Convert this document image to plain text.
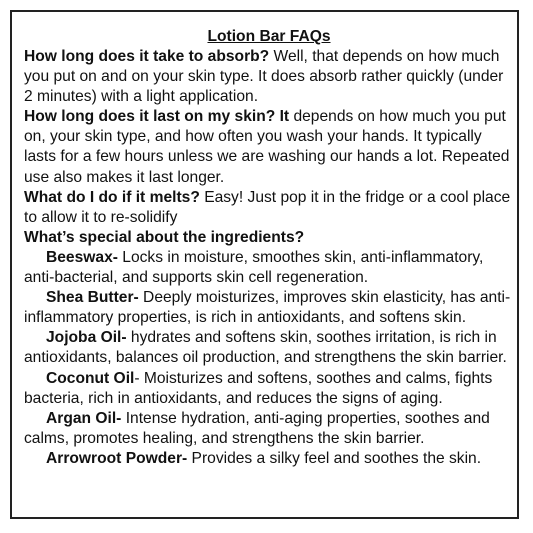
Lotion Bar FAQs

How long does it take to absorb? Well, that depends on how much you put on and on your skin type. It does absorb rather quickly (under 2 minutes) with a light application.

How long does it last on my skin? It depends on how much you put on, your skin type, and how often you wash your hands. It typically lasts for a few hours unless we are washing our hands a lot. Repeated use also makes it last longer.

What do I do if it melts? Easy! Just pop it in the fridge or a cool place to allow it to re-solidify

What’s special about the ingredients?

Beeswax- Locks in moisture, smoothes skin, anti-inflammatory, anti-bacterial, and supports skin cell regeneration.

Shea Butter- Deeply moisturizes, improves skin elasticity, has anti-inflammatory properties, is rich in antioxidants, and softens skin.

Jojoba Oil- hydrates and softens skin, soothes irritation, is rich in antioxidants, balances oil production, and strengthens the skin barrier.

Coconut Oil- Moisturizes and softens, soothes and calms, fights bacteria, rich in antioxidants, and reduces the signs of aging.

Argan Oil- Intense hydration, anti-aging properties, soothes and calms, promotes healing, and strengthens the skin barrier.

Arrowroot Powder- Provides a silky feel and soothes the skin.
